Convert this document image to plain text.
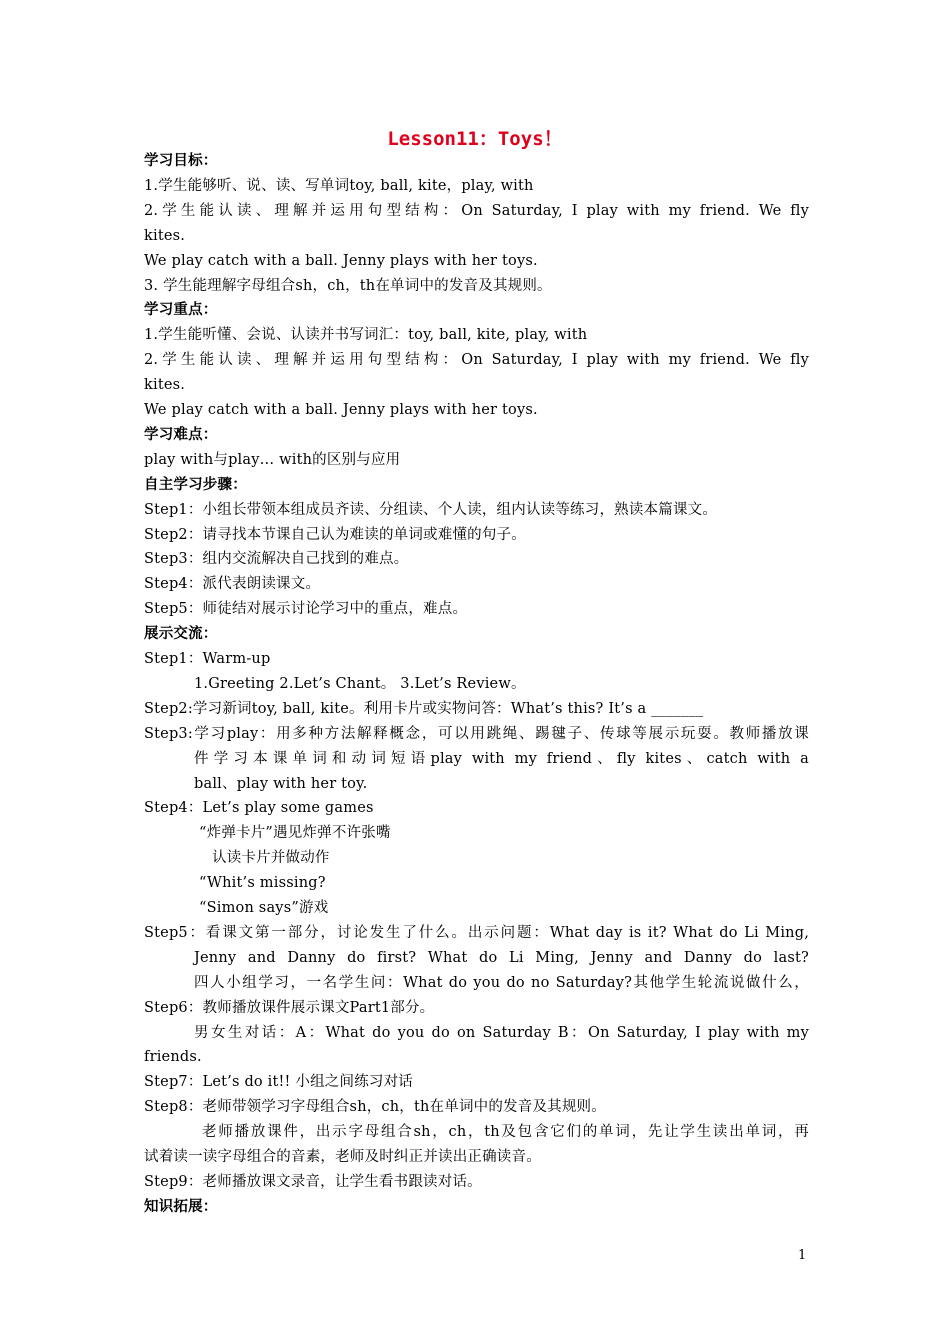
Lesson11：Toys！
学习目标：
1.学生能够听、说、读、写单词toy, ball, kite，play, with
2.学生能认读、理解并运用句型结构：On Saturday, I play with my friend. We fly
kites.
We play catch with a ball. Jenny plays with her toys.
3. 学生能理解字母组合sh，ch，th在单词中的发音及其规则。
学习重点：
1.学生能听懂、会说、认读并书写词汇：toy, ball, kite, play, with
2.学生能认读、理解并运用句型结构：On Saturday, I play with my friend. We fly
kites.
We play catch with a ball. Jenny plays with her toys.
学习难点：
play with与play… with的区别与应用
自主学习步骤：
Step1：小组长带领本组成员齐读、分组读、个人读，组内认读等练习，熟读本篇课文。
Step2：请寻找本节课自己认为难读的单词或难懂的句子。
Step3：组内交流解决自己找到的难点。
Step4：派代表朗读课文。
Step5：师徒结对展示讨论学习中的重点，难点。
展示交流：
Step1：Warm-up
1.Greeting 2.Let’s Chant。 3.Let’s Review。
Step2:学习新词toy, ball, kite。利用卡片或实物问答：What’s this? It’s a _______
Step3:学习play：用多种方法解释概念，可以用跳绳、踢毽子、传球等展示玩耍。教师播放课
件学习本课单词和动词短语play with my friend、fly kites、catch with a
ball、play with her toy.
Step4：Let’s play some games
“炸弹卡片”遇见炸弹不许张嘴
认读卡片并做动作
“Whit’s missing?
“Simon says”游戏
Step5：看课文第一部分，讨论发生了什么。出示问题：What day is it? What do Li Ming,
Jenny and Danny do first? What do Li Ming, Jenny and Danny do last?
四人小组学习，一名学生问：What do you do no Saturday?其他学生轮流说做什么，
Step6：教师播放课件展示课文Part1部分。
男女生对话：A：What do you do on Saturday B：On Saturday, I play with my
friends.
Step7：Let’s do it!! 小组之间练习对话
Step8：老师带领学习字母组合sh，ch，th在单词中的发音及其规则。
老师播放课件，出示字母组合sh，ch，th及包含它们的单词，先让学生读出单词，再
试着读一读字母组合的音素，老师及时纠正并读出正确读音。
Step9：老师播放课文录音，让学生看书跟读对话。
知识拓展：
1
